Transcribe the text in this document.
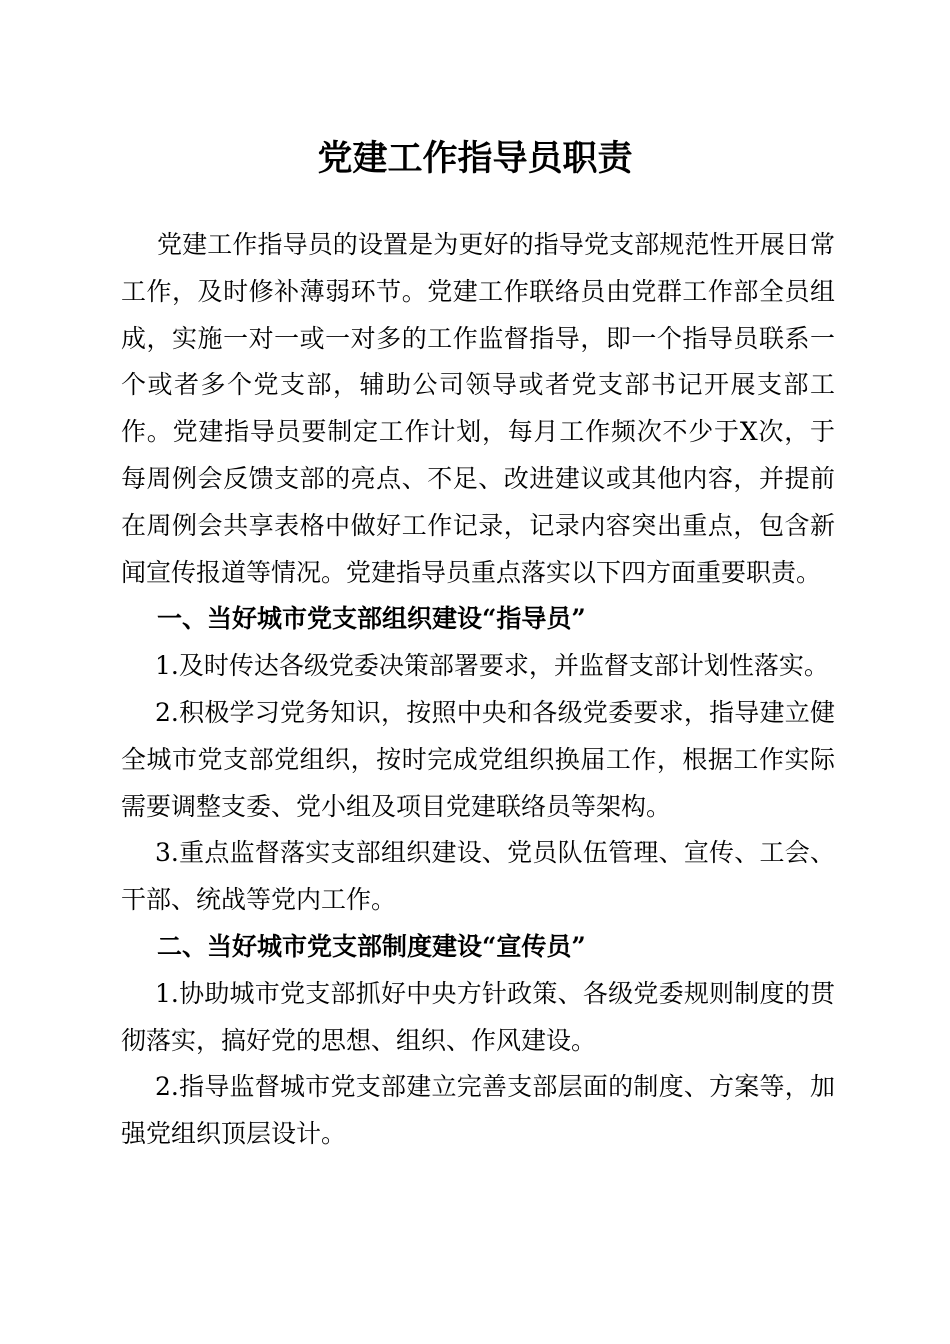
党建工作指导员职责

党建工作指导员的设置是为更好的指导党支部规范性开展日常工作，及时修补薄弱环节。党建工作联络员由党群工作部全员组成，实施一对一或一对多的工作监督指导，即一个指导员联系一个或者多个党支部，辅助公司领导或者党支部书记开展支部工作。党建指导员要制定工作计划，每月工作频次不少于X次，于每周例会反馈支部的亮点、不足、改进建议或其他内容，并提前在周例会共享表格中做好工作记录，记录内容突出重点，包含新闻宣传报道等情况。党建指导员重点落实以下四方面重要职责。

一、当好城市党支部组织建设“指导员”

1.及时传达各级党委决策部署要求，并监督支部计划性落实。

2.积极学习党务知识，按照中央和各级党委要求，指导建立健全城市党支部党组织，按时完成党组织换届工作，根据工作实际需要调整支委、党小组及项目党建联络员等架构。

3.重点监督落实支部组织建设、党员队伍管理、宣传、工会、干部、统战等党内工作。

二、当好城市党支部制度建设“宣传员”

1.协助城市党支部抓好中央方针政策、各级党委规则制度的贯彻落实，搞好党的思想、组织、作风建设。

2.指导监督城市党支部建立完善支部层面的制度、方案等，加强党组织顶层设计。
